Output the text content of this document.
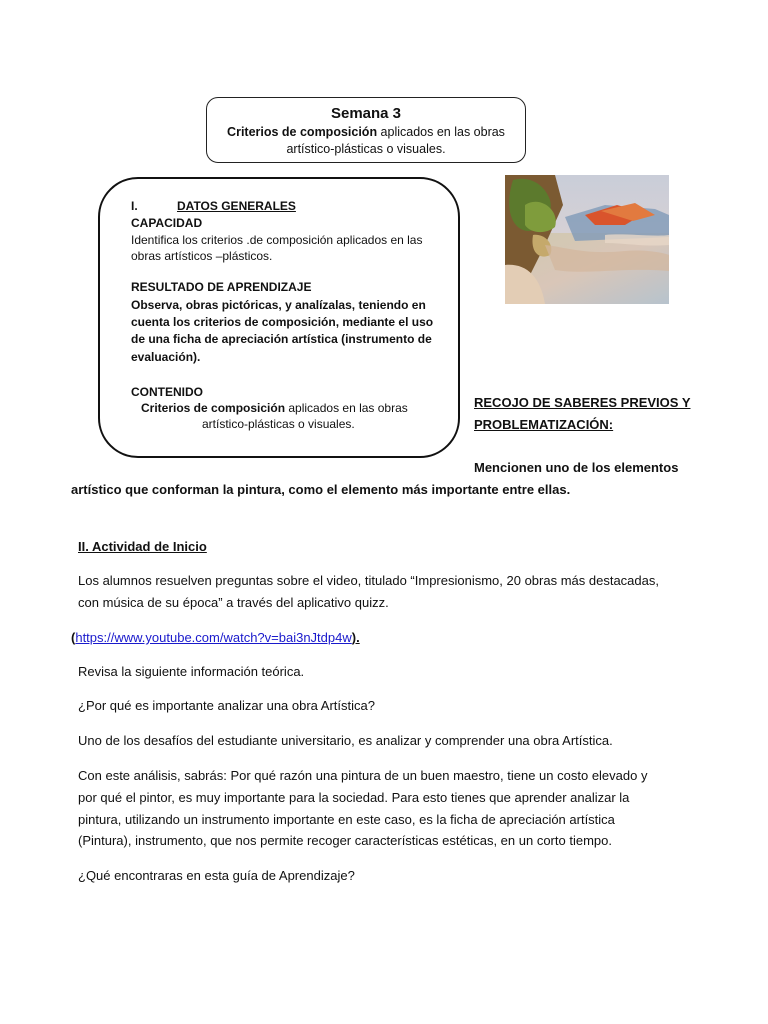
Semana 3
Criterios de composición aplicados en las obras
artístico-plásticas o visuales.
I.	DATOS GENERALES
CAPACIDAD
Identifica los criterios .de composición aplicados en las
obras artísticos –plásticos.
RESULTADO DE APRENDIZAJE
Observa, obras pictóricas, y analízalas, teniendo en
cuenta los criterios de composición, mediante el uso
de una ficha de apreciación artística (instrumento de
evaluación).
CONTENIDO
Criterios de composición aplicados en las obras
artístico-plásticas o visuales.
RECOJO DE SABERES PREVIOS Y
PROBLEMATIZACIÓN:
Mencionen uno de los elementos
artístico que conforman la pintura, como el elemento más importante entre ellas.
II. Actividad de Inicio
Los alumnos resuelven preguntas sobre el video, titulado “Impresionismo, 20 obras más destacadas,
con música de su época” a través del aplicativo quizz.
(https://www.youtube.com/watch?v=bai3nJtdp4w).
Revisa la siguiente información teórica.
¿Por qué es importante analizar una obra Artística?
Uno de los desafíos del estudiante universitario, es analizar y comprender una obra Artística.
Con este análisis, sabrás: Por qué razón una pintura de un buen maestro, tiene un costo elevado y
por qué el pintor, es muy importante para la sociedad. Para esto tienes que aprender analizar la
pintura, utilizando un instrumento importante en este caso, es la ficha de apreciación artística
(Pintura), instrumento, que nos permite recoger características estéticas, en un corto tiempo.
¿Qué encontraras en esta guía de Aprendizaje?
